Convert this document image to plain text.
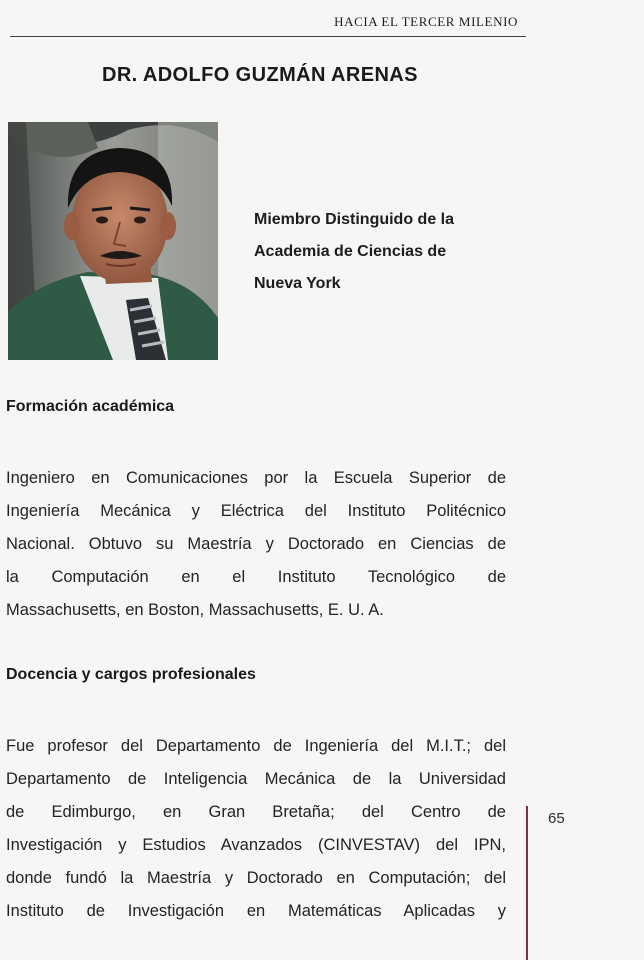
HACIA EL TERCER MILENIO
DR. ADOLFO GUZMÁN ARENAS

Miembro Distinguido de la
Academia de Ciencias de
Nueva York

Formación académica

Ingeniero en Comunicaciones por la Escuela Superior de
Ingeniería Mecánica y Eléctrica del Instituto Politécnico
Nacional. Obtuvo su Maestría y Doctorado en Ciencias de
la Computación en el Instituto Tecnológico de
Massachusetts, en Boston, Massachusetts, E. U. A.

Docencia y cargos profesionales

Fue profesor del Departamento de Ingeniería del M.I.T.; del
Departamento de Inteligencia Mecánica de la Universidad
de Edimburgo, en Gran Bretaña; del Centro de
Investigación y Estudios Avanzados (CINVESTAV) del IPN,
donde fundó la Maestría y Doctorado en Computación; del
Instituto de Investigación en Matemáticas Aplicadas y

65
